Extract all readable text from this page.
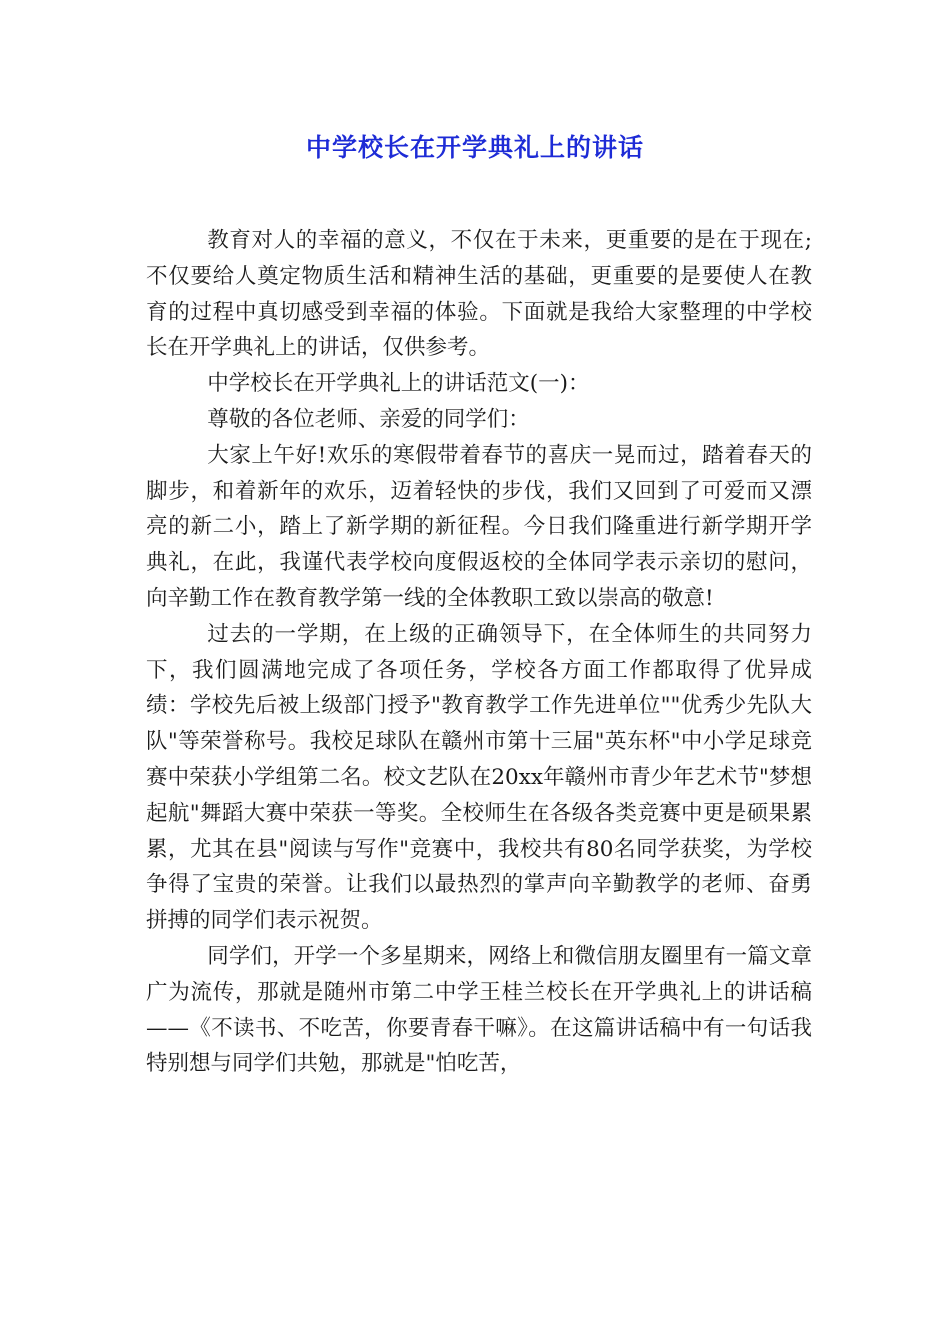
中学校长在开学典礼上的讲话

教育对人的幸福的意义，不仅在于未来，更重要的是在于现在;不仅要给人奠定物质生活和精神生活的基础，更重要的是要使人在教育的过程中真切感受到幸福的体验。下面就是我给大家整理的中学校长在开学典礼上的讲话，仅供参考。

中学校长在开学典礼上的讲话范文(一)：

尊敬的各位老师、亲爱的同学们：

大家上午好!欢乐的寒假带着春节的喜庆一晃而过，踏着春天的脚步，和着新年的欢乐，迈着轻快的步伐，我们又回到了可爱而又漂亮的新二小，踏上了新学期的新征程。今日我们隆重进行新学期开学典礼，在此，我谨代表学校向度假返校的全体同学表示亲切的慰问，向辛勤工作在教育教学第一线的全体教职工致以崇高的敬意!

过去的一学期，在上级的正确领导下，在全体师生的共同努力下，我们圆满地完成了各项任务，学校各方面工作都取得了优异成绩：学校先后被上级部门授予"教育教学工作先进单位""优秀少先队大队"等荣誉称号。我校足球队在赣州市第十三届"英东杯"中小学足球竞赛中荣获小学组第二名。校文艺队在20xx年赣州市青少年艺术节"梦想起航"舞蹈大赛中荣获一等奖。全校师生在各级各类竞赛中更是硕果累累，尤其在县"阅读与写作"竞赛中，我校共有80名同学获奖，为学校争得了宝贵的荣誉。让我们以最热烈的掌声向辛勤教学的老师、奋勇拼搏的同学们表示祝贺。

同学们，开学一个多星期来，网络上和微信朋友圈里有一篇文章广为流传，那就是随州市第二中学王桂兰校长在开学典礼上的讲话稿——《不读书、不吃苦，你要青春干嘛》。在这篇讲话稿中有一句话我特别想与同学们共勉，那就是"怕吃苦，
